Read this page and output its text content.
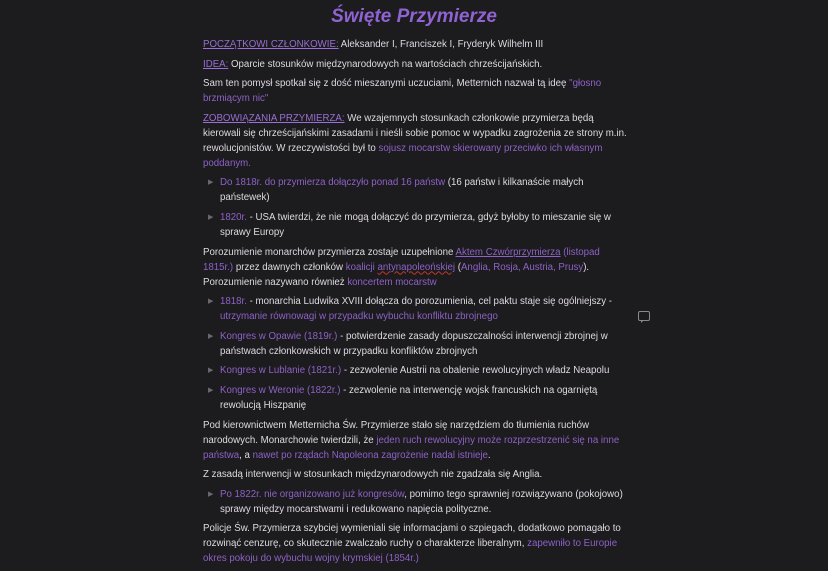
Święte Przymierze
POCZĄTKOWI CZŁONKOWIE: Aleksander I, Franciszek I, Fryderyk Wilhelm III
IDEA: Oparcie stosunków międzynarodowych na wartościach chrześcijańskich.
Sam ten pomysł spotkał się z dość mieszanymi uczuciami, Metternich nazwał tą ideę "głosno brzmiącym nic"
ZOBOWIĄZANIA PRZYMIERZA: We wzajemnych stosunkach członkowie przymierza będą kierowali się chrześcijańskimi zasadami i nieśli sobie pomoc w wypadku zagrożenia ze strony m.in. rewolucjonistów. W rzeczywistości był to sojusz mocarstw skierowany przeciwko ich własnym poddanym.
▶ Do 1818r. do przymierza dołączyło ponad 16 państw (16 państw i kilkanaście małych państewek)
▶ 1820r. - USA twierdzi, że nie mogą dołączyć do przymierza, gdyż byłoby to mieszanie się w sprawy Europy
Porozumienie monarchów przymierza zostaje uzupełnione Aktem Czwórprzymierza (listopad 1815r.) przez dawnych członków koalicji antynapoleońskiej (Anglia, Rosja, Austria, Prusy). Porozumienie nazywano również koncertem mocarstw
▶ 1818r. - monarchia Ludwika XVIII dołącza do porozumienia, cel paktu staje się ogólniejszy - utrzymanie równowagi w przypadku wybuchu konfliktu zbrojnego
▶ Kongres w Opawie (1819r.) - potwierdzenie zasady dopuszczalności interwencji zbrojnej w państwach członkowskich w przypadku konfliktów zbrojnych
▶ Kongres w Lublanie (1821r.) - zezwolenie Austrii na obalenie rewolucyjnych władz Neapolu
▶ Kongres w Weronie (1822r.) - zezwolenie na interwencję wojsk francuskich na ogarniętą rewolucją Hiszpanię
Pod kierownictwem Metternicha Św. Przymierze stało się narzędziem do tłumienia ruchów narodowych. Monarchowie twierdzili, że jeden ruch rewolucyjny może rozprzestrzenić się na inne państwa, a nawet po rządach Napoleona zagrożenie nadal istnieje.
Z zasadą interwencji w stosunkach międzynarodowych nie zgadzała się Anglia.
▶ Po 1822r. nie organizowano już kongresów, pomimo tego sprawniej rozwiązywano (pokojowo) sprawy między mocarstwami i redukowano napięcia polityczne.
Policje Św. Przymierza szybciej wymieniali się informacjami o szpiegach, dodatkowo pomagało to rozwinąć cenzurę, co skutecznie zwalczało ruchy o charakterze liberalnym, zapewniło to Europie okres pokoju do wybuchu wojny krymskiej (1854r.)
